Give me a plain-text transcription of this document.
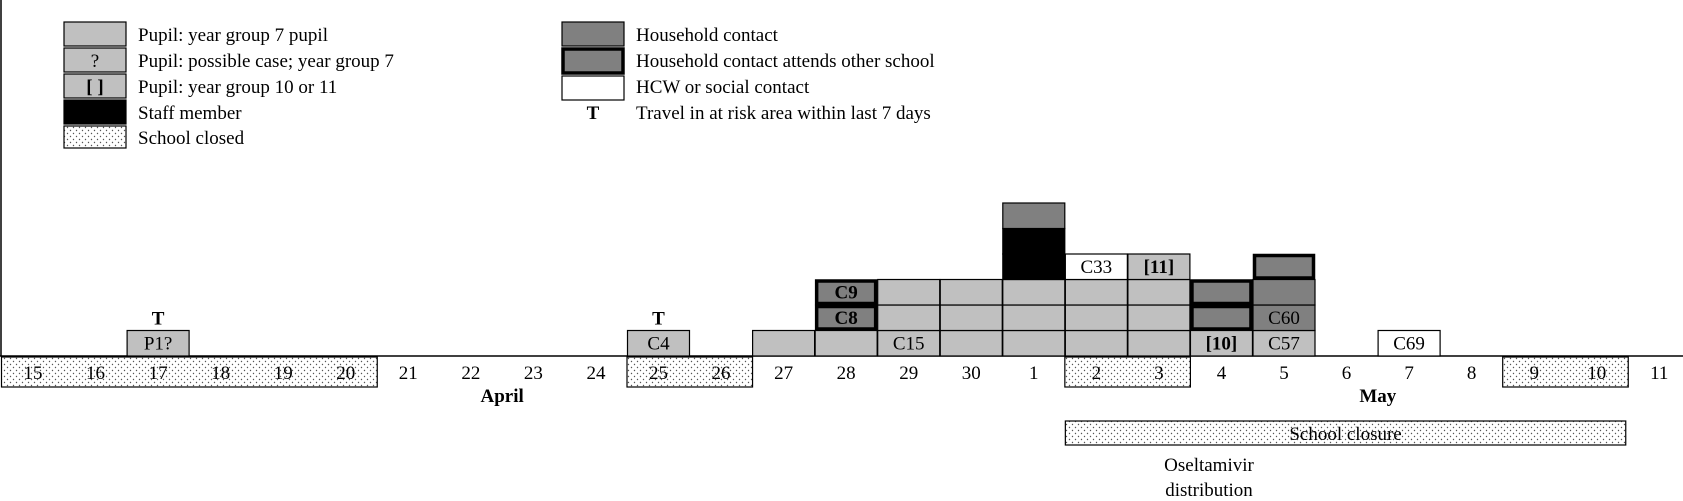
Pupil: year group 7 pupil
? Pupil: possible case; year group 7
[ ] Pupil: year group 10 or 11
Staff member
School closed
Household contact
Household contact attends other school
HCW or social contact
T Travel in at risk area within last 7 days
P1?
T
C4
T
C15
C33 [11]
[10] C57
C60
C69
C8
C9
15 16 17 18 19 20 21 22 23 24 25 26 27 28 29 30	1	2	3	4	5	6	7	8	9	10 11
April	May
School closure
Oseltamivir
distribution
